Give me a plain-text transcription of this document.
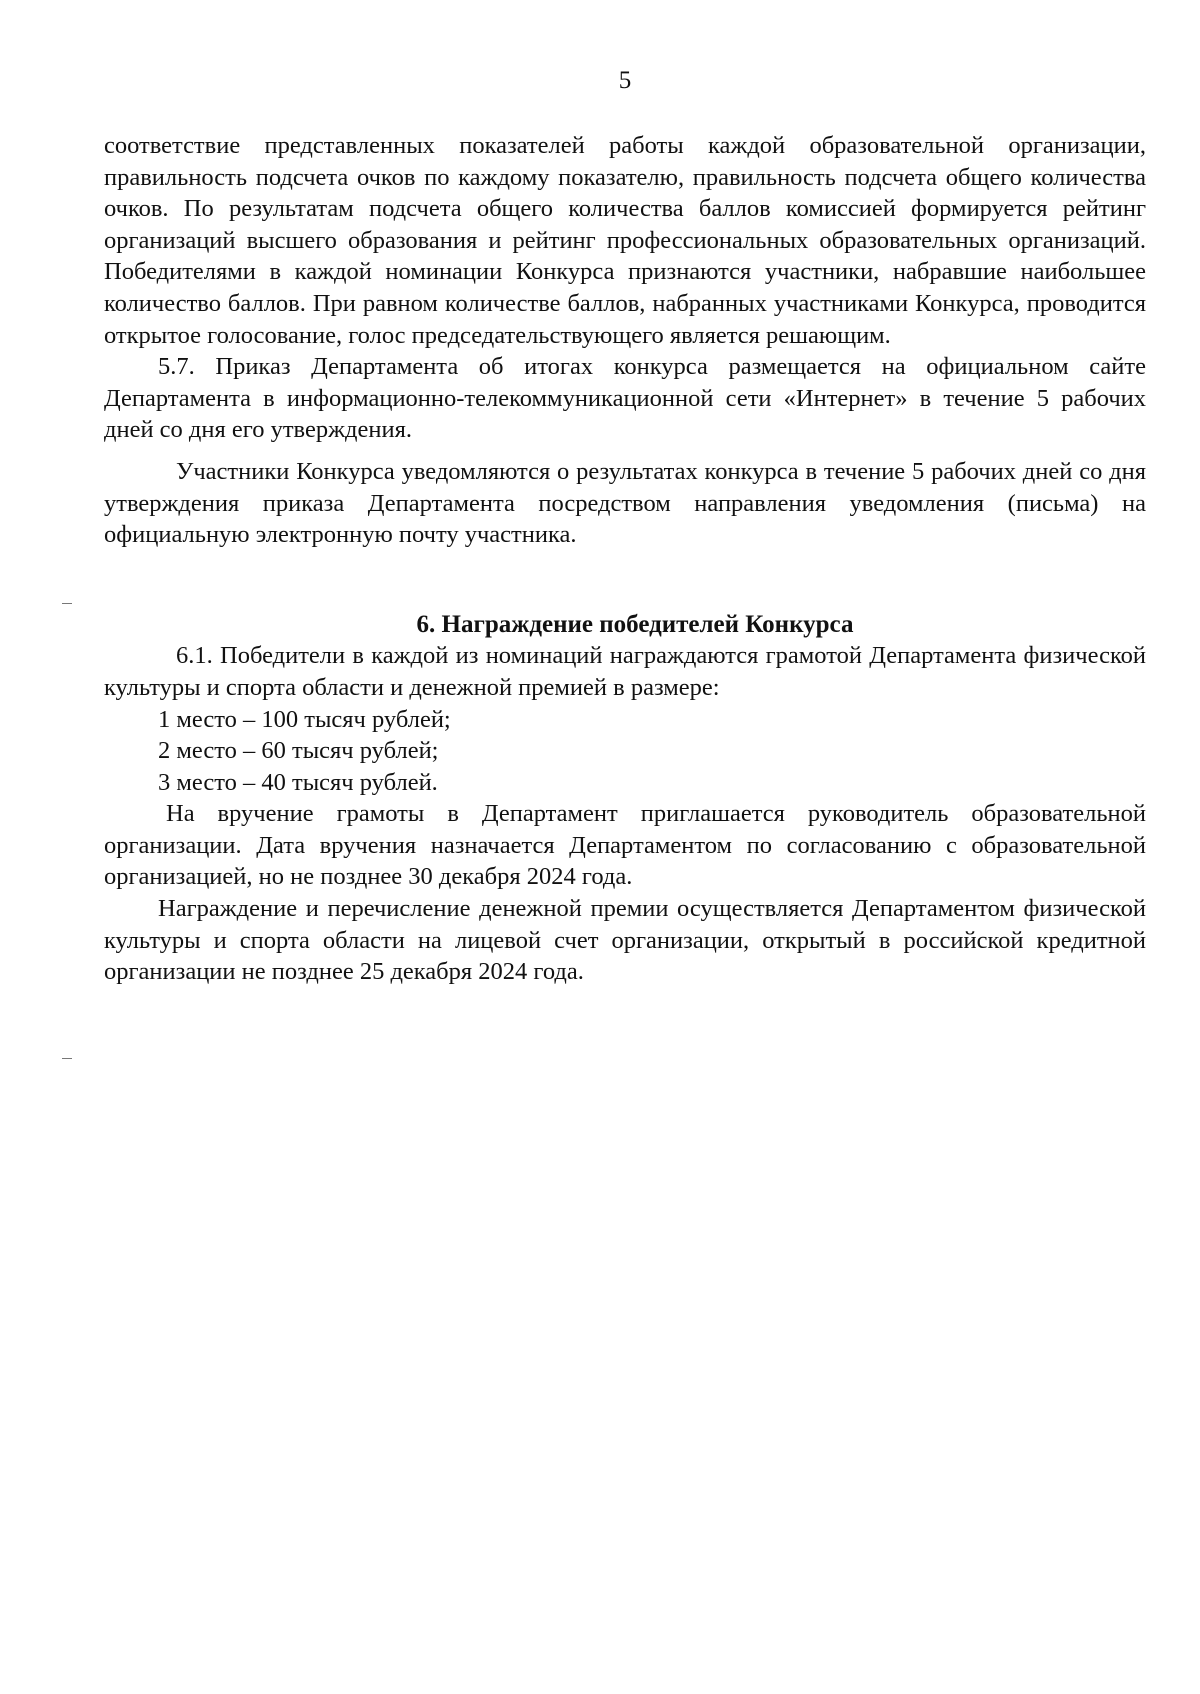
5

соответствие представленных показателей работы каждой образовательной организации, правильность подсчета очков по каждому показателю, правильность подсчета общего количества очков. По результатам подсчета общего количества баллов комиссией формируется рейтинг организаций высшего образования и рейтинг профессиональных образовательных организаций. Победителями в каждой номинации Конкурса признаются участники, набравшие наибольшее количество баллов. При равном количестве баллов, набранных участниками Конкурса, проводится открытое голосование, голос председательствующего является решающим.

5.7. Приказ Департамента об итогах конкурса размещается на официальном сайте Департамента в информационно-телекоммуникационной сети «Интернет» в течение 5 рабочих дней со дня его утверждения.

Участники Конкурса уведомляются о результатах конкурса в течение 5 рабочих дней со дня утверждения приказа Департамента посредством направления уведомления (письма) на официальную электронную почту участника.

6. Награждение победителей Конкурса

6.1. Победители в каждой из номинаций награждаются грамотой Департамента физической культуры и спорта области и денежной премией в размере:

1 место – 100 тысяч рублей;

2 место – 60 тысяч рублей;

3 место – 40 тысяч рублей.

На вручение грамоты в Департамент приглашается руководитель образовательной организации. Дата вручения назначается Департаментом по согласованию с образовательной организацией, но не позднее 30 декабря 2024 года.

Награждение и перечисление денежной премии осуществляется Департаментом физической культуры и спорта области на лицевой счет организации, открытый в российской кредитной организации не позднее 25 декабря 2024 года.
